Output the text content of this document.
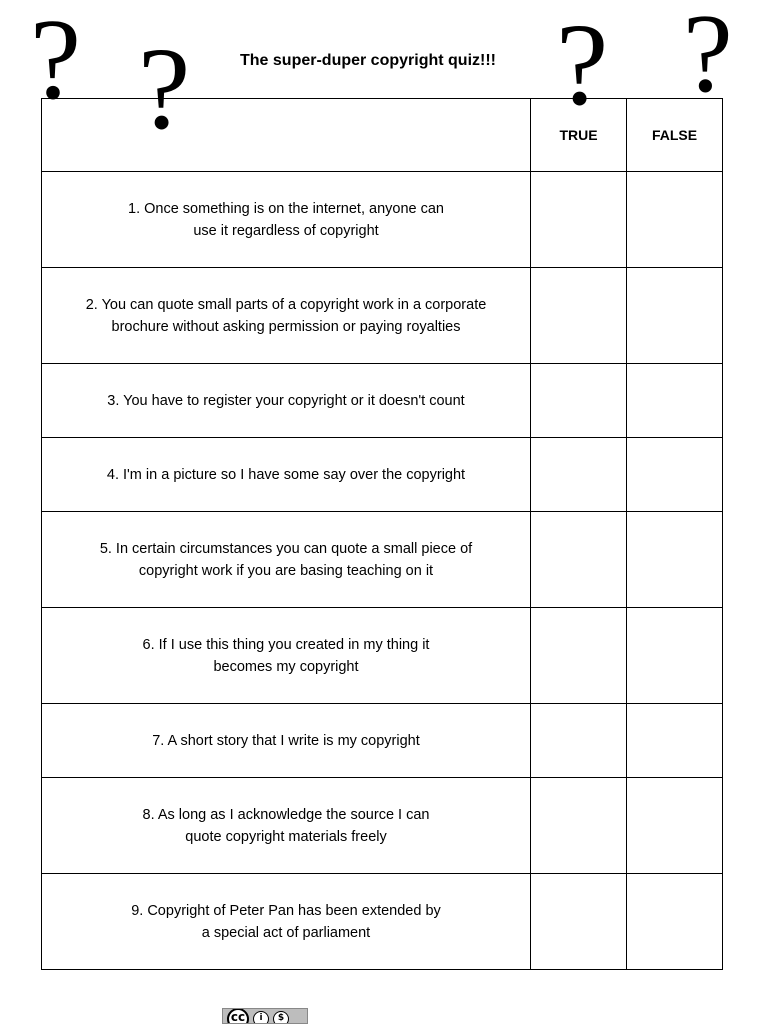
? ?	? ?
The super-duper copyright quiz!!!
	TRUE	FALSE

1. Once something is on the internet, anyone can
use it regardless of copyright		

2. You can quote small parts of a copyright work in a corporate
brochure without asking permission or paying royalties		

3. You have to register your copyright or it doesn't count		

4. I'm in a picture so I have some say over the copyright		

5. In certain circumstances you can quote a small piece of
copyright work if you are basing teaching on it		

6. If I use this thing you created in my thing it
becomes my copyright		

7. A short story that I write is my copyright		

8. As long as I acknowledge the source I can
quote copyright materials freely		

9. Copyright of Peter Pan has been extended by
a special act of parliament		

cc	i	$
